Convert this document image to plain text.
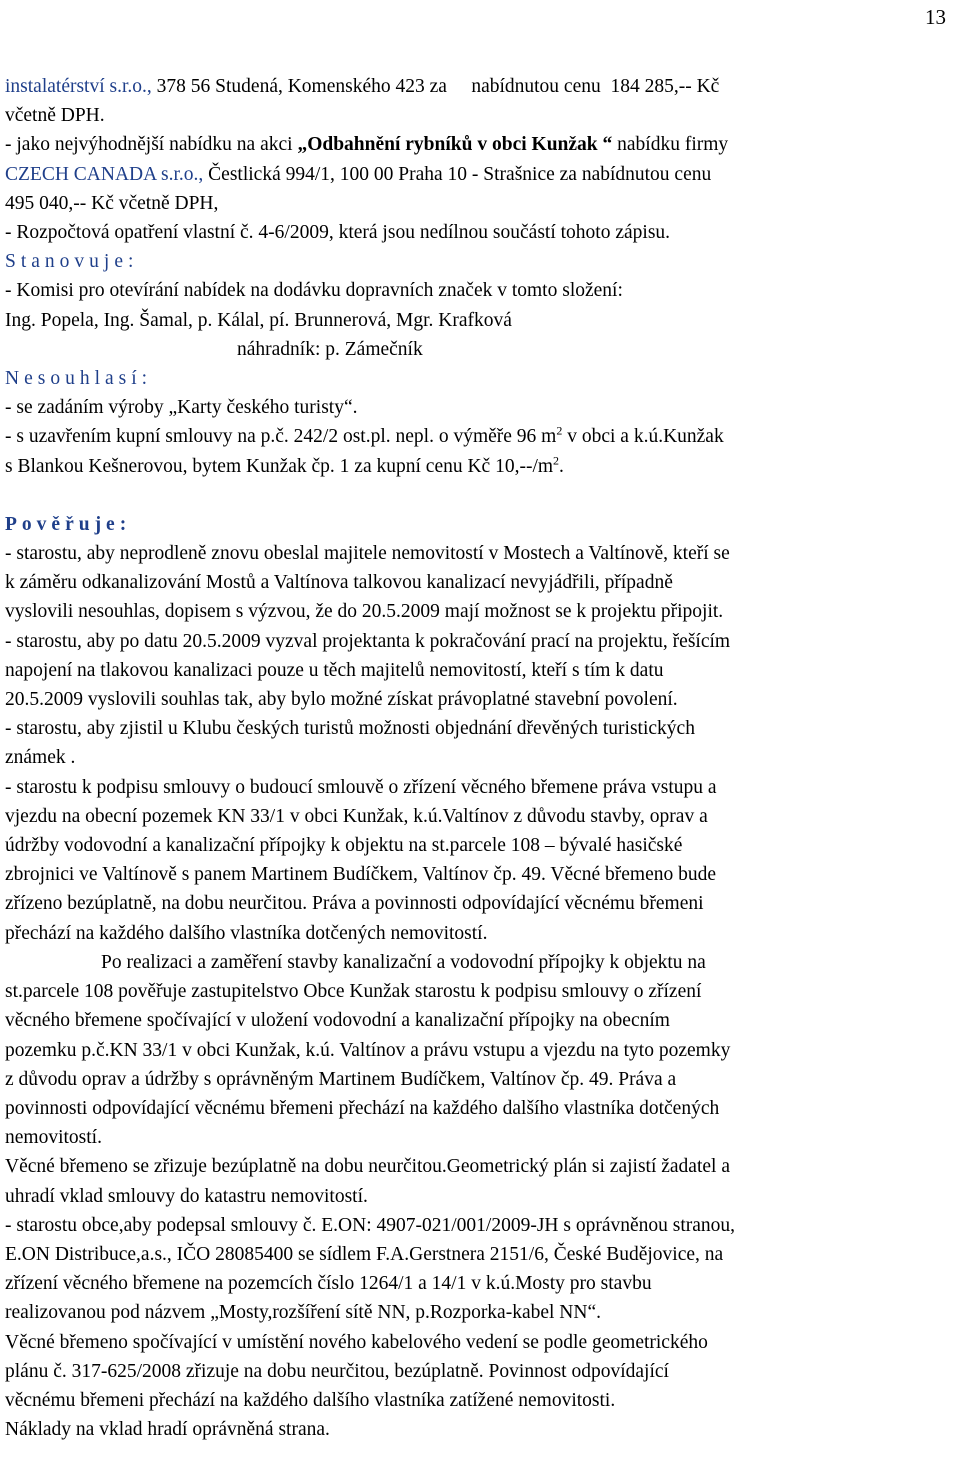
13
instalatérství s.r.o., 378 56 Studená, Komenského 423 za     nabídnutou cenu  184 285,-- Kč
včetně DPH.
- jako nejvýhodnější nabídku na akci „Odbahnění rybníků v obci Kunžak “ nabídku firmy
CZECH CANADA s.r.o., Čestlická 994/1, 100 00 Praha 10 - Strašnice za nabídnutou cenu
495 040,-- Kč včetně DPH,
- Rozpočtová opatření vlastní č. 4-6/2009, která jsou nedílnou součástí tohoto zápisu.
Stanovuje:
- Komisi pro otevírání nabídek na dodávku dopravních značek v tomto složení:
Ing. Popela, Ing. Šamal, p. Kálal, pí. Brunnerová, Mgr. Krafková
náhradník: p. Zámečník
Nesouhlasí:
- se zadáním výroby „Karty českého turisty“.
- s uzavřením kupní smlouvy na p.č. 242/2 ost.pl. nepl. o výměře 96 $m^2$ v obci a k.ú.Kunžak
s Blankou Kešnerovou, bytem Kunžak čp. 1 za kupní cenu Kč $10,--/m^2$.
Pověřuje:
- starostu, aby neprodleně znovu obeslal majitele nemovitostí v Mostech a Valtínově, kteří se
k záměru odkanalizování Mostů a Valtínova talkovou kanalizací nevyjádřili, případně
vyslovili nesouhlas, dopisem s výzvou, že do 20.5.2009 mají možnost se k projektu připojit.
- starostu, aby po datu 20.5.2009 vyzval projektanta k pokračování prací na projektu, řešícím
napojení na tlakovou kanalizaci pouze u těch majitelů nemovitostí, kteří s tím k datu
20.5.2009 vyslovili souhlas tak, aby bylo možné získat právoplatné stavební povolení.
- starostu, aby zjistil u Klubu českých turistů možnosti objednání dřevěných turistických
známek .
- starostu k podpisu smlouvy o budoucí smlouvě o zřízení věcného břemene práva vstupu a
vjezdu na obecní pozemek KN 33/1 v obci Kunžak, k.ú.Valtínov z důvodu stavby, oprav a
údržby vodovodní a kanalizační přípojky k objektu na st.parcele 108 – bývalé hasičské
zbrojnici ve Valtínově s panem Martinem Budíčkem, Valtínov čp. 49. Věcné břemeno bude
zřízeno bezúplatně, na dobu neurčitou. Práva a povinnosti odpovídající věcnému břemeni
přechází na každého dalšího vlastníka dotčených nemovitostí.
Po realizaci a zaměření stavby kanalizační a vodovodní přípojky k objektu na
st.parcele 108 pověřuje zastupitelstvo Obce Kunžak starostu k podpisu smlouvy o zřízení
věcného břemene spočívající v uložení vodovodní a kanalizační přípojky na obecním
pozemku p.č.KN 33/1 v obci Kunžak, k.ú. Valtínov a právu vstupu a vjezdu na tyto pozemky
z důvodu oprav a údržby s oprávněným Martinem Budíčkem, Valtínov čp. 49. Práva a
povinnosti odpovídající věcnému břemeni přechází na každého dalšího vlastníka dotčených
nemovitostí.
Věcné břemeno se zřizuje bezúplatně na dobu neurčitou.Geometrický plán si zajistí žadatel a
uhradí vklad smlouvy do katastru nemovitostí.
- starostu obce,aby podepsal smlouvy č. E.ON: 4907-021/001/2009-JH s oprávněnou stranou,
E.ON Distribuce,a.s., IČO 28085400 se sídlem F.A.Gerstnera 2151/6, České Budějovice, na
zřízení věcného břemene na pozemcích číslo 1264/1 a 14/1 v k.ú.Mosty pro stavbu
realizovanou pod názvem „Mosty,rozšíření sítě NN, p.Rozporka-kabel NN“.
Věcné břemeno spočívající v umístění nového kabelového vedení se podle geometrického
plánu č. 317-625/2008 zřizuje na dobu neurčitou, bezúplatně. Povinnost odpovídající
věcnému břemeni přechází na každého dalšího vlastníka zatížené nemovitosti.
Náklady na vklad hradí oprávněná strana.
